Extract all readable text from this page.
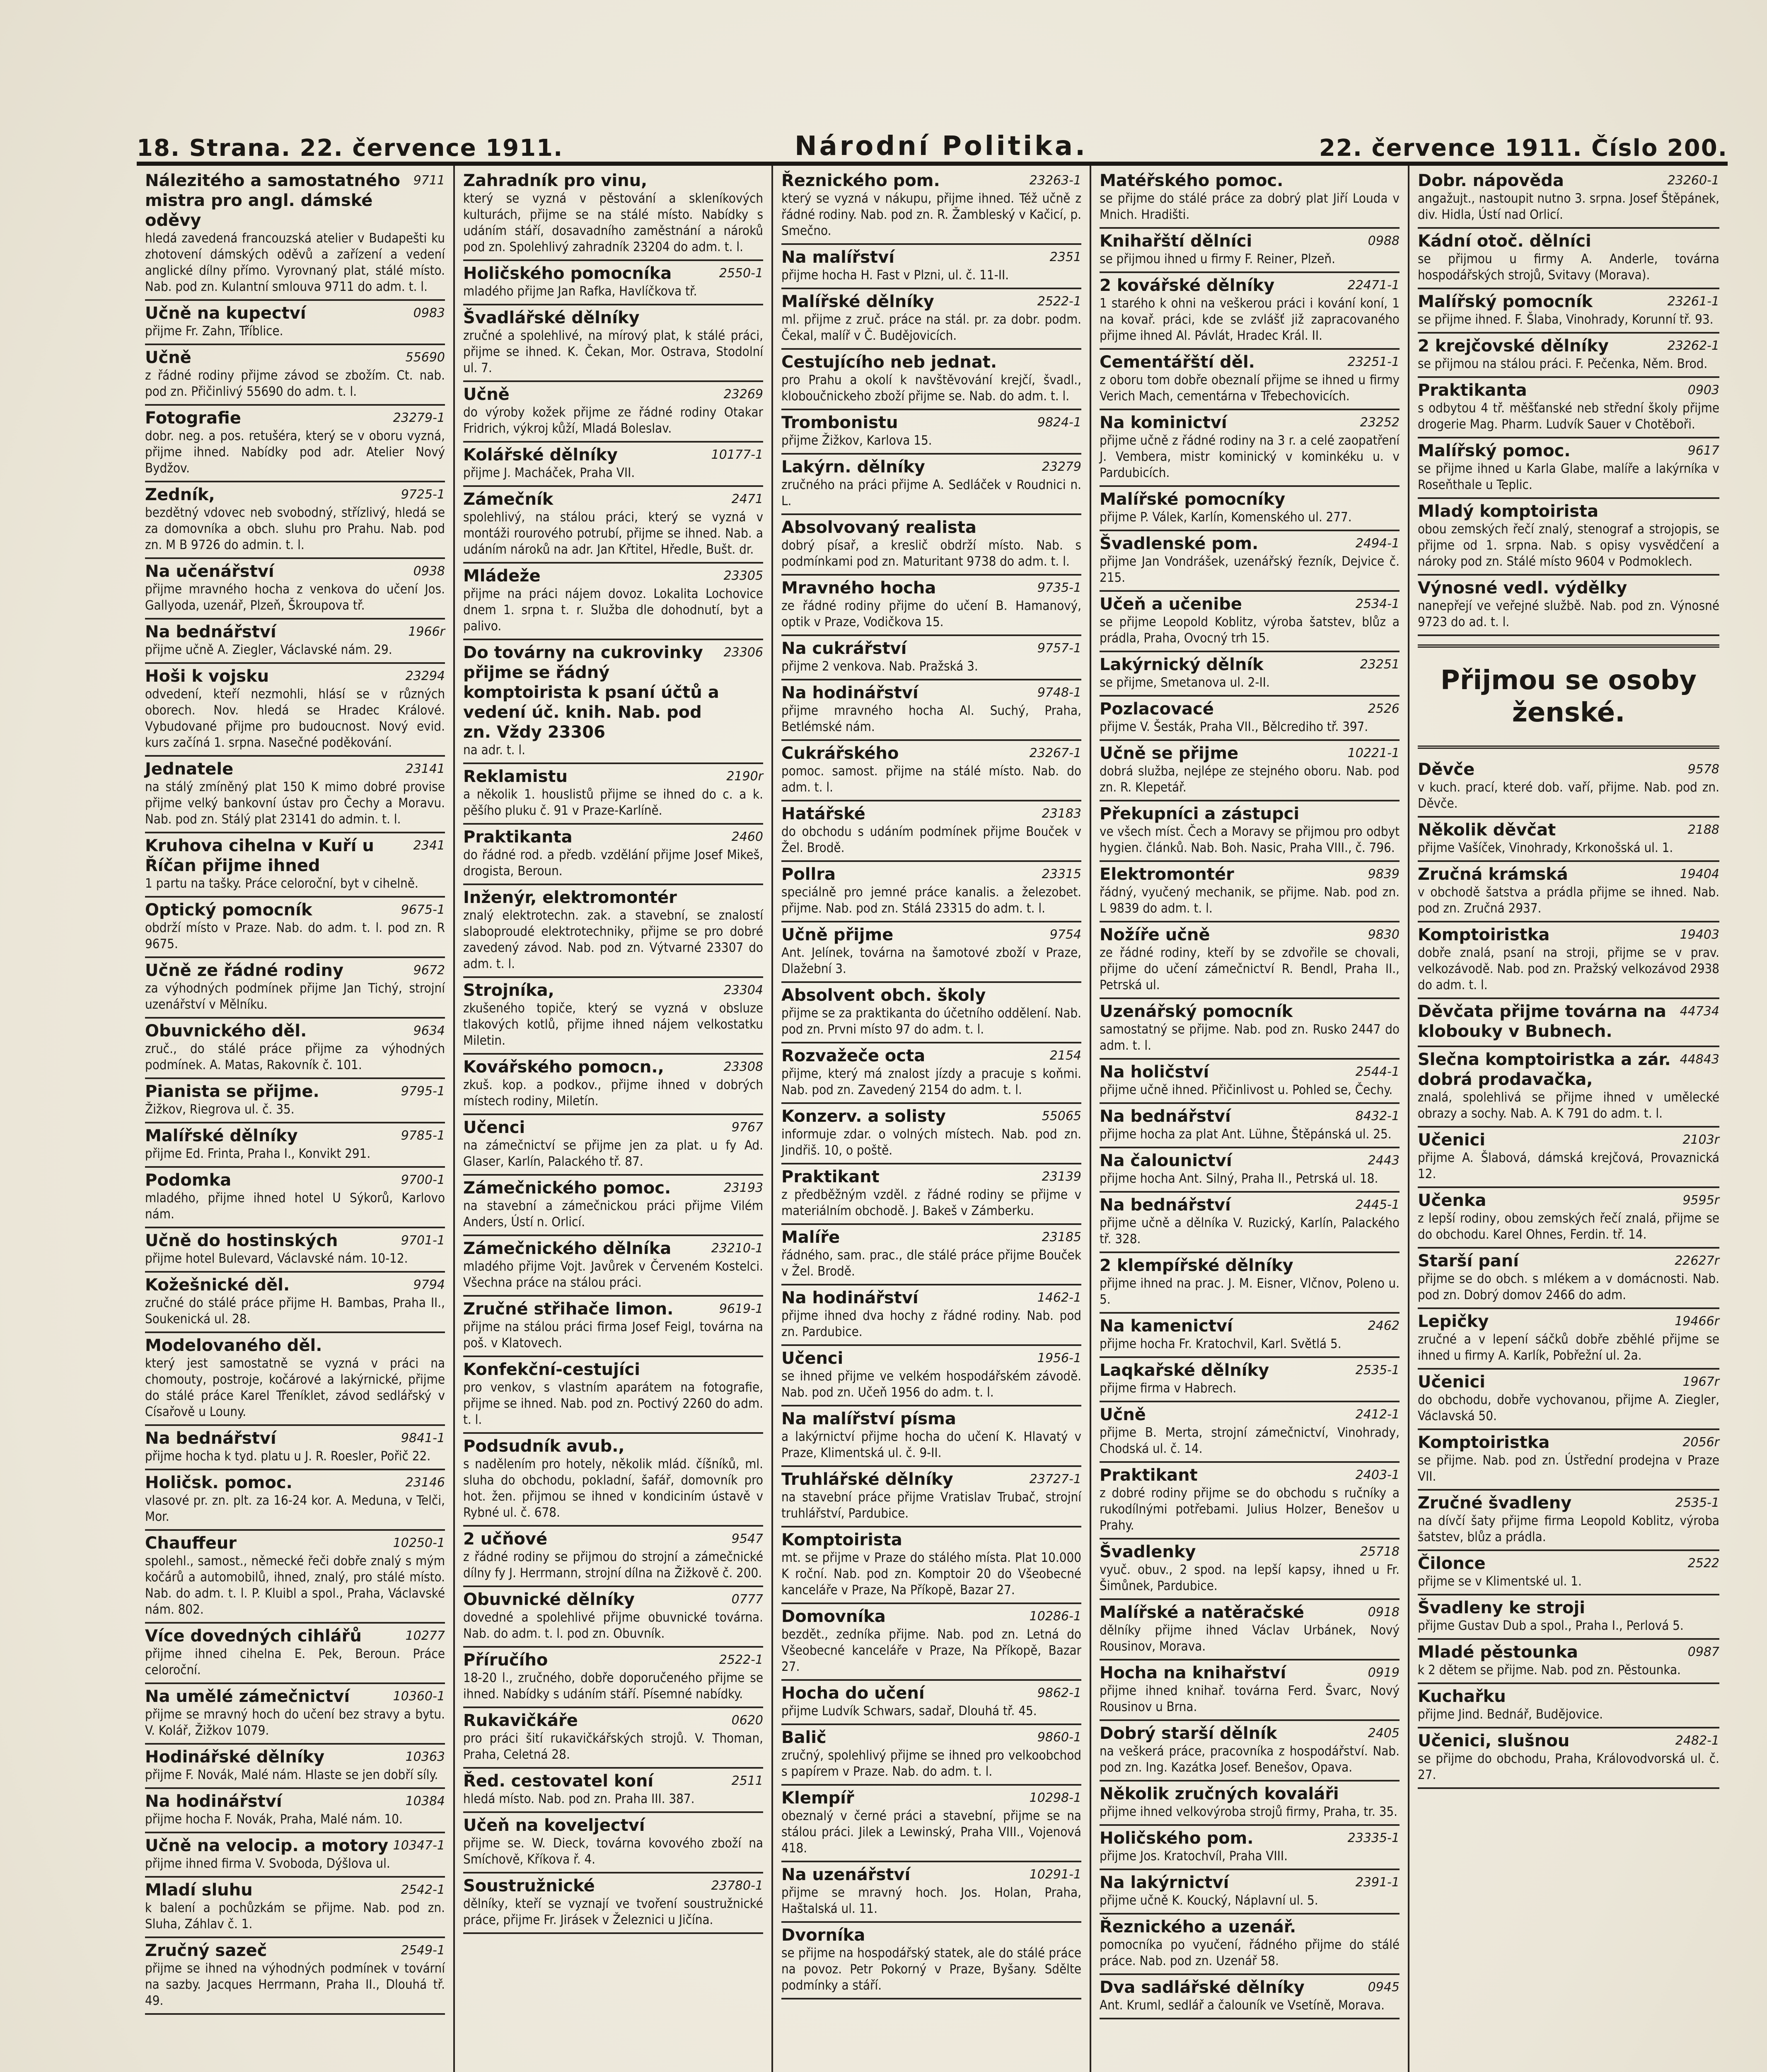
18. Strana. 22. července 1911.	Národní Politika.	22. července 1911. Číslo 200.
Nálezitého a samostatného mistra pro angl. dámské oděvy
9711
hledá zavedená francouzská atelier v Budapešti ku zhotovení dámských oděvů a zařízení a vedení anglické dílny přímo. Vyrovnaný plat, stálé místo. Nab. pod zn. Kulantní smlouva 9711 do adm. t. l.
Učně na kupectví	0983
přijme Fr. Zahn, Tříblice.
Učně	55690
z řádné rodiny přijme závod se zbožím. Ct. nab. pod zn. Přičinlivý 55690 do adm. t. l.
Fotografie	23279-1
dobr. neg. a pos. retušéra, který se v oboru vyzná, přijme ihned. Nabídky pod adr. Atelier Nový Bydžov.
Zedník,	9725-1
bezdětný vdovec neb svobodný, střízlivý, hledá se za domovníka a obch. sluhu pro Prahu. Nab. pod zn. M B 9726 do admin. t. l.
Na učenářství	0938
přijme mravného hocha z venkova do učení Jos. Gallyoda, uzenář, Plzeň, Škroupova tř.
Na bednářství	1966r
přijme učně A. Ziegler, Václavské nám. 29.
Hoši k vojsku	23294
odvedení, kteří nezmohli, hlásí se v různých oborech. Nov. hledá se Hradec Králové. Vybudované přijme pro budoucnost. Nový evid. kurs začíná 1. srpna. Nasečné poděkování.
Jednatele	23141
na stálý zmíněný plat 150 K mimo dobré provise přijme velký bankovní ústav pro Čechy a Moravu. Nab. pod zn. Stálý plat 23141 do admin. t. l.
Kruhova cihelna v Kuří u Říčan přijme ihned
2341
1 partu na tašky. Práce celoroční, byt v cihelně.
Optický pomocník	9675-1
obdrží místo v Praze. Nab. do adm. t. l. pod zn. R 9675.
Učně ze řádné rodiny	9672
za výhodných podmínek přijme Jan Tichý, strojní uzenářství v Mělníku.
Obuvnického děl.	9634
zruč., do stálé práce přijme za výhodných podmínek. A. Matas, Rakovník č. 101.
Pianista se přijme.	9795-1
Žižkov, Riegrova ul. č. 35.
Malířské dělníky	9785-1
přijme Ed. Frinta, Praha I., Konvikt 291.
Podomka	9700-1
mladého, přijme ihned hotel U Sýkorů, Karlovo nám.
Učně do hostinských	9701-1
přijme hotel Bulevard, Václavské nám. 10-12.
Kožešnické děl.	9794
zručné do stálé práce přijme H. Bambas, Praha II., Soukenická ul. 28.
Modelovaného děl.
který jest samostatně se vyzná v práci na chomouty, postroje, kočárové a lakýrnické, přijme do stálé práce Karel Třeníklet, závod sedlářský v Císařově u Louny.
Na bednářství	9841-1
přijme hocha k tyd. platu u J. R. Roesler, Pořič 22.
Holičsk. pomoc.	23146
vlasové pr. zn. plt. za 16-24 kor. A. Meduna, v Telči, Mor.
Chauffeur	10250-1
spolehl., samost., německé řeči dobře znalý s mým kočárů a automobilů, ihned, znalý, pro stálé místo. Nab. do adm. t. l. P. Kluibl a spol., Praha, Václavské nám. 802.
Více dovedných cihlářů	10277
přijme ihned cihelna E. Pek, Beroun. Práce celoroční.
Na umělé zámečnictví	10360-1
přijme se mravný hoch do učení bez stravy a bytu. V. Kolář, Žižkov 1079.
Hodinářské dělníky	10363
přijme F. Novák, Malé nám. Hlaste se jen dobří síly.
Na hodinářství	10384
přijme hocha F. Novák, Praha, Malé nám. 10.
Učně na velocip. a motory 10347-1
přijme ihned firma V. Svoboda, Dýšlova ul.
Mladí sluhu	2542-1
k balení a pochůzkám se přijme. Nab. pod zn. Sluha, Záhlav č. 1.
Zručný sazeč	2549-1
přijme se ihned na výhodných podmínek v tovární na sazby. Jacques Herrmann, Praha II., Dlouhá tř. 49.
Zahradník pro vinu,
který se vyzná v pěstování a skleníkových kulturách, přijme se na stálé místo. Nabídky s udáním stáří, dosavadního zaměstnání a nároků pod zn. Spolehlivý zahradník 23204 do adm. t. l.
Holičského pomocníka	2550-1
mladého přijme Jan Rafka, Havlíčkova tř.
Švadlářské dělníky
zručné a spolehlivé, na mírový plat, k stálé práci, přijme se ihned. K. Čekan, Mor. Ostrava, Stodolní ul. 7.
Učně	23269
do výroby kožek přijme ze řádné rodiny Otakar Fridrich, výkroj kůží, Mladá Boleslav.
Kolářské dělníky	10177-1
přijme J. Macháček, Praha VII.
Zámečník	2471
spolehlivý, na stálou práci, který se vyzná v montáži rourového potrubí, přijme se ihned. Nab. a udáním nároků na adr. Jan Křtitel, Hředle, Bušt. dr.
Mládeže	23305
přijme na práci nájem dovoz. Lokalita Lochovice dnem 1. srpna t. r. Služba dle dohodnutí, byt a palivo.
Do továrny na cukrovinky přijme se řádný komptoirista k psaní účtů a vedení úč. knih. Nab. pod zn. Vždy 23306
23306
na adr. t. l.
Reklamistu	2190r
a několik 1. houslistů přijme se ihned do c. a k. pěšího pluku č. 91 v Praze-Karlíně.
Praktikanta	2460
do řádné rod. a předb. vzdělání přijme Josef Mikeš, drogista, Beroun.
Inženýr, elektromontér
znalý elektrotechn. zak. a stavební, se znalostí slaboproudé elektrotechniky, přijme se pro dobré zavedený závod. Nab. pod zn. Výtvarné 23307 do adm. t. l.
Strojníka,	23304
zkušeného topiče, který se vyzná v obsluze tlakových kotlů, přijme ihned nájem velkostatku Miletin.
Kovářského pomocn.,	23308
zkuš. kop. a podkov., přijme ihned v dobrých místech rodiny, Miletín.
Učenci	9767
na zámečnictví se přijme jen za plat. u fy Ad. Glaser, Karlín, Palackého tř. 87.
Zámečnického pomoc.	23193
na stavební a zámečnickou práci přijme Vilém Anders, Ústí n. Orlicí.
Zámečnického dělníka	23210-1
mladého přijme Vojt. Javůrek v Červeném Kostelci. Všechna práce na stálou práci.
Zručné střihače limon.	9619-1
přijme na stálou práci firma Josef Feigl, továrna na poš. v Klatovech.
Konfekční-cestujíci
pro venkov, s vlastním aparátem na fotografie, přijme se ihned. Nab. pod zn. Poctivý 2260 do adm. t. l.
Podsudník avub.,
s nadělením pro hotely, několik mlád. číšníků, ml. sluha do obchodu, pokladní, šafář, domovník pro hot. žen. přijmou se ihned v kondiciním ústavě v Rybné ul. č. 678.
2 učňové	9547
z řádné rodiny se přijmou do strojní a zámečnické dílny fy J. Herrmann, strojní dílna na Žižkově č. 200.
Obuvnické dělníky	0777
dovedné a spolehlivé přijme obuvnické továrna. Nab. do adm. t. l. pod zn. Obuvník.
Příručího	2522-1
18-20 l., zručného, dobře doporučeného přijme se ihned. Nabídky s udáním stáří. Písemné nabídky.
Rukavičkáře	0620
pro práci šití rukavičkářských strojů. V. Thoman, Praha, Celetná 28.
Řed. cestovatel koní	2511
hledá místo. Nab. pod zn. Praha III. 387.
Učeň na koveljectví
přijme se. W. Dieck, továrna kovového zboží na Smíchově, Kříkova ř. 4.
Soustružnické	23780-1
dělníky, kteří se vyznají ve tvoření soustružnické práce, přijme Fr. Jirásek v Železnici u Jičína.
Řeznického pom.	23263-1
který se vyzná v nákupu, přijme ihned. Též učně z řádné rodiny. Nab. pod zn. R. Žambleský v Kačicí, p. Smečno.
Na malířství	2351
přijme hocha H. Fast v Plzni, ul. č. 11-II.
Malířské dělníky	2522-1
ml. přijme z zruč. práce na stál. pr. za dobr. podm. Čekal, malíř v Č. Budějovicích.
Cestujícího neb jednat.
pro Prahu a okolí k navštěvování krejčí, švadl., kloboučnickeho zboží přijme se. Nab. do adm. t. l.
Trombonistu	9824-1
přijme Žižkov, Karlova 15.
Lakýrn. dělníky	23279
zručného na práci přijme A. Sedláček v Roudnici n. L.
Absolvovaný realista
dobrý písař, a kreslič obdrží místo. Nab. s podmínkami pod zn. Maturitant 9738 do adm. t. l.
Mravného hocha	9735-1
ze řádné rodiny přijme do učení B. Hamanový, optik v Praze, Vodičkova 15.
Na cukrářství	9757-1
přijme 2 venkova. Nab. Pražská 3.
Na hodinářství	9748-1
přijme mravného hocha Al. Suchý, Praha, Betlémské nám.
Cukrářského	23267-1
pomoc. samost. přijme na stálé místo. Nab. do adm. t. l.
Hatářské	23183
do obchodu s udáním podmínek přijme Bouček v Žel. Brodě.
Pollra	23315
speciálně pro jemné práce kanalis. a železobet. přijme. Nab. pod zn. Stálá 23315 do adm. t. l.
Učně přijme	9754
Ant. Jelínek, továrna na šamotové zboží v Praze, Dlažební 3.
Absolvent obch. školy
přijme se za praktikanta do účetního oddělení. Nab. pod zn. Prvni místo 97 do adm. t. l.
Rozvažeče octa	2154
přijme, který má znalost jízdy a pracuje s koňmi. Nab. pod zn. Zavedený 2154 do adm. t. l.
Konzerv. a solisty	55065
informuje zdar. o volných místech. Nab. pod zn. Jindřiš. 10, o poště.
Praktikant	23139
z předběžným vzděl. z řádné rodiny se přijme v materiálním obchodě. J. Bakeš v Zámberku.
Malíře	23185
řádného, sam. prac., dle stálé práce přijme Bouček v Žel. Brodě.
Na hodinářství	1462-1
přijme ihned dva hochy z řádné rodiny. Nab. pod zn. Pardubice.
Učenci	1956-1
se ihned přijme ve velkém hospodářském závodě. Nab. pod zn. Učeň 1956 do adm. t. l.
Na malířství písma
a lakýrnictví přijme hocha do učení K. Hlavatý v Praze, Klimentská ul. č. 9-II.
Truhlářské dělníky	23727-1
na stavební práce přijme Vratislav Trubač, strojní truhlářství, Pardubice.
Komptoirista
mt. se přijme v Praze do stálého místa. Plat 10.000 K roční. Nab. pod zn. Komptoir 20 do Všeobecné kanceláře v Praze, Na Příkopě, Bazar 27.
Domovníka	10286-1
bezdět., zedníka přijme. Nab. pod zn. Letná do Všeobecné kanceláře v Praze, Na Příkopě, Bazar 27.
Hocha do učení	9862-1
přijme Ludvík Schwars, sadař, Dlouhá tř. 45.
Balič	9860-1
zručný, spolehlivý přijme se ihned pro velkoobchod s papírem v Praze. Nab. do adm. t. l.
Klempíř	10298-1
obeznalý v černé práci a stavební, přijme se na stálou práci. Jilek a Lewinský, Praha VIII., Vojenová 418.
Na uzenářství	10291-1
přijme se mravný hoch. Jos. Holan, Praha, Haštalská ul. 11.
Dvorníka
se přijme na hospodářský statek, ale do stálé práce na povoz. Petr Pokorný v Praze, Byšany. Sdělte podmínky a stáří.
Matéřského pomoc.
se přijme do stálé práce za dobrý plat Jiří Louda v Mnich. Hradišti.
Knihařští dělníci	0988
se přijmou ihned u firmy F. Reiner, Plzeň.
2 kovářské dělníky	22471-1
1 starého k ohni na veškerou práci i kování koní, 1 na kovař. práci, kde se zvlášť již zapracovaného přijme ihned Al. Pávlát, Hradec Král. II.
Cementářští děl.	23251-1
z oboru tom dobře obeznalí přijme se ihned u firmy Verich Mach, cementárna v Třebechovicích.
Na kominictví	23252
přijme učně z řádné rodiny na 3 r. a celé zaopatření J. Vembera, mistr kominický v kominkéku u. v Pardubicích.
Malířské pomocníky
přijme P. Válek, Karlín, Komenského ul. 277.
Švadlenské pom.	2494-1
přijme Jan Vondrášek, uzenářský řezník, Dejvice č. 215.
Učeň a učenibe	2534-1
se přijme Leopold Koblitz, výroba šatstev, blůz a prádla, Praha, Ovocný trh 15.
Lakýrnický dělník	23251
se přijme, Smetanova ul. 2-II.
Pozlacovacé	2526
přijme V. Šesták, Praha VII., Bělcrediho tř. 397.
Učně se přijme	10221-1
dobrá služba, nejlépe ze stejného oboru. Nab. pod zn. R. Klepetář.
Překupníci a zástupci
ve všech míst. Čech a Moravy se přijmou pro odbyt hygien. článků. Nab. Boh. Nasic, Praha VIII., č. 796.
Elektromontér	9839
řádný, vyučený mechanik, se přijme. Nab. pod zn. L 9839 do adm. t. l.
Nožíře učně	9830
ze řádné rodiny, kteří by se zdvořile se chovali, přijme do učení zámečnictví R. Bendl, Praha II., Petrská ul.
Uzenářský pomocník
samostatný se přijme. Nab. pod zn. Rusko 2447 do adm. t. l.
Na holičství	2544-1
přijme učně ihned. Přičinlivost u. Pohled se, Čechy.
Na bednářství	8432-1
přijme hocha za plat Ant. Lühne, Štěpánská ul. 25.
Na čalounictví	2443
přijme hocha Ant. Silný, Praha II., Petrská ul. 18.
Na bednářství	2445-1
přijme učně a dělníka V. Ruzický, Karlín, Palackého tř. 328.
2 klempířské dělníky
přijme ihned na prac. J. M. Eisner, Vlčnov, Poleno u. 5.
Na kamenictví	2462
přijme hocha Fr. Kratochvil, Karl. Světlá 5.
Laqkařské dělníky	2535-1
přijme firma v Habrech.
Učně	2412-1
přijme B. Merta, strojní zámečnictví, Vinohrady, Chodská ul. č. 14.
Praktikant	2403-1
z dobré rodiny přijme se do obchodu s ručníky a rukodílnými potřebami. Julius Holzer, Benešov u Prahy.
Švadlenky	25718
vyuč. obuv., 2 spod. na lepší kapsy, ihned u Fr. Šimůnek, Pardubice.
Malířské a natěračské	0918
dělníky přijme ihned Václav Urbánek, Nový Rousinov, Morava.
Hocha na knihařství	0919
přijme ihned knihař. továrna Ferd. Švarc, Nový Rousinov u Brna.
Dobrý starší dělník	2405
na veškerá práce, pracovníka z hospodářství. Nab. pod zn. Ing. Kazátka Josef. Benešov, Opava.
Několik zručných kovaláři
přijme ihned velkovýroba strojů firmy, Praha, tr. 35.
Holičského pom.	23335-1
přijme Jos. Kratochvíl, Praha VIII.
Na lakýrnictví	2391-1
přijme učně K. Koucký, Náplavní ul. 5.
Řeznického a uzenář.
pomocníka po vyučení, řádného přijme do stálé práce. Nab. pod zn. Uzenář 58.
Dva sadlářské dělníky	0945
Ant. Kruml, sedlář a čalouník ve Vsetíně, Morava.
Dobr. nápověda	23260-1
angažujt., nastoupit nutno 3. srpna. Josef Štěpánek, div. Hidla, Ústí nad Orlicí.
Kádní otoč. dělníci
se přijmou u firmy A. Anderle, továrna hospodářských strojů, Svitavy (Morava).
Malířský pomocník	23261-1
se přijme ihned. F. Šlaba, Vinohrady, Korunní tř. 93.
2 krejčovské dělníky	23262-1
se přijmou na stálou práci. F. Pečenka, Něm. Brod.
Praktikanta	0903
s odbytou 4 tř. měšťanské neb střední školy přijme drogerie Mag. Pharm. Ludvík Sauer v Chotěboři.
Malířský pomoc.	9617
se přijme ihned u Karla Glabe, malíře a lakýrníka v Roseňthale u Teplic.
Mladý komptoirista
obou zemských řečí znalý, stenograf a strojopis, se přijme od 1. srpna. Nab. s opisy vysvědčení a nároky pod zn. Stálé místo 9604 v Podmoklech.
Výnosné vedl. výdělky
nanepřejí ve veřejné službě. Nab. pod zn. Výnosné 9723 do ad. t. l.
Přijmou se osoby ženské.
Děvče	9578
v kuch. prací, které dob. vaří, přijme. Nab. pod zn. Děvče.
Několik děvčat	2188
přijme Vašíček, Vinohrady, Krkonošská ul. 1.
Zručná krámská	19404
v obchodě šatstva a prádla přijme se ihned. Nab. pod zn. Zručná 2937.
Komptoiristka	19403
dobře znalá, psaní na stroji, přijme se v prav. velkozávodě. Nab. pod zn. Pražský velkozávod 2938 do adm. t. l.
Děvčata přijme továrna na klobouky v Bubnech.
44734
Slečna komptoiristka a zár. dobrá prodavačka,
44843
znalá, spolehlivá se přijme ihned v umělecké obrazy a sochy. Nab. A. K 791 do adm. t. l.
Učenici	2103r
přijme A. Šlabová, dámská krejčová, Provaznická 12.
Učenka	9595r
z lepší rodiny, obou zemských řečí znalá, přijme se do obchodu. Karel Ohnes, Ferdin. tř. 14.
Starší paní	22627r
přijme se do obch. s mlékem a v domácnosti. Nab. pod zn. Dobrý domov 2466 do adm.
Lepičky	19466r
zručné a v lepení sáčků dobře zběhlé přijme se ihned u firmy A. Karlík, Pobřežní ul. 2a.
Učenici	1967r
do obchodu, dobře vychovanou, přijme A. Ziegler, Václavská 50.
Komptoiristka	2056r
se přijme. Nab. pod zn. Ústřední prodejna v Praze VII.
Zručné švadleny	2535-1
na dívčí šaty přijme firma Leopold Koblitz, výroba šatstev, blůz a prádla.
Čilonce	2522
přijme se v Klimentské ul. 1.
Švadleny ke stroji
přijme Gustav Dub a spol., Praha I., Perlová 5.
Mladé pěstounka	0987
k 2 dětem se přijme. Nab. pod zn. Pěstounka.
Kuchařku
přijme Jind. Bednář, Budějovice.
Učenici, slušnou	2482-1
se přijme do obchodu, Praha, Královodvorská ul. č. 27.
